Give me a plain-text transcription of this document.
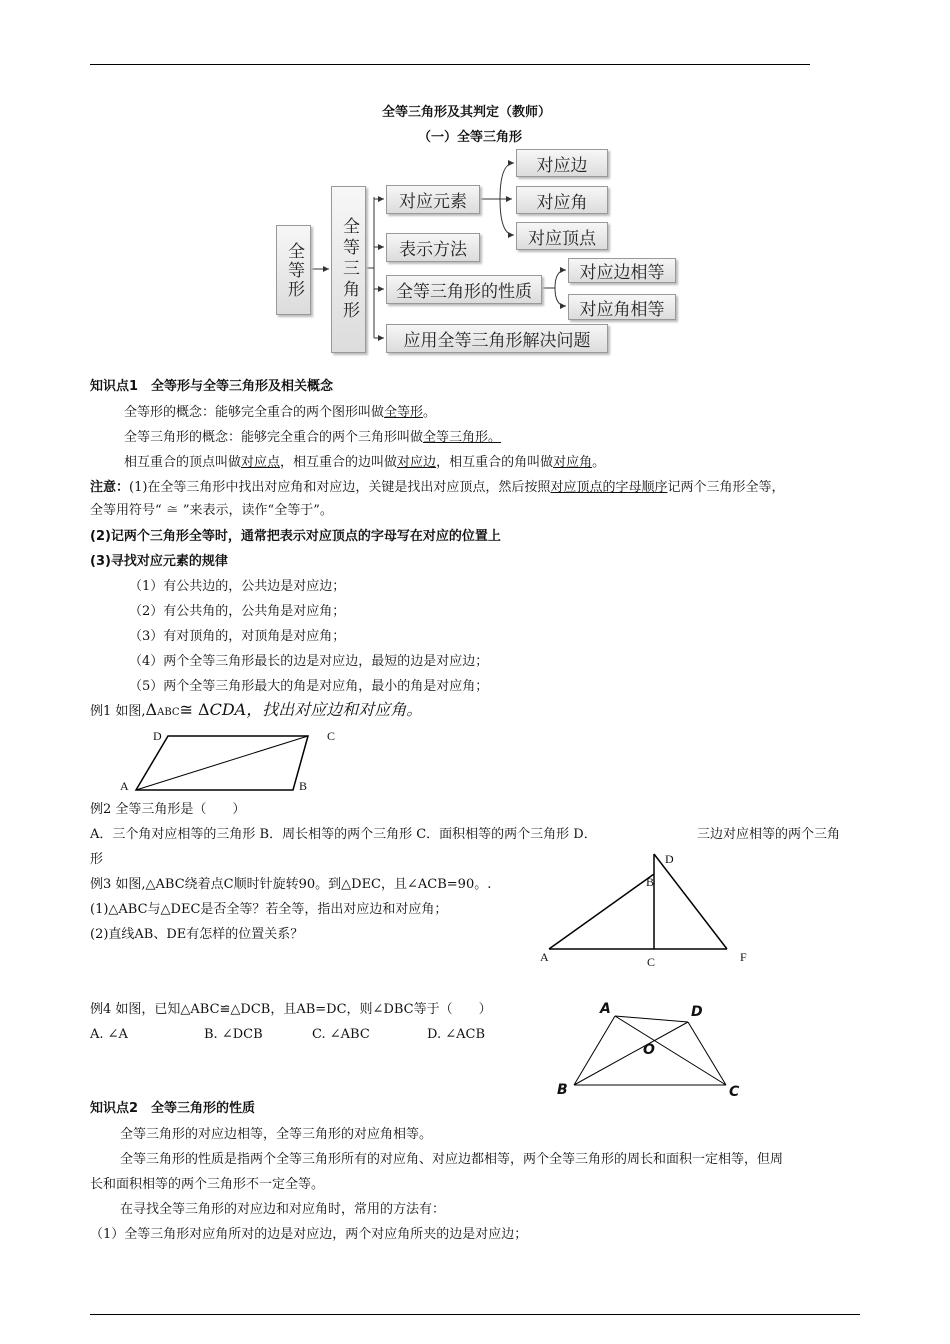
全等三角形及其判定（教师）
（一）全等三角形
全等形 全等三角形
对应元素
表示方法
全等三角形的性质
应用全等三角形解决问题
对应边
对应角
对应顶点
对应边相等
对应角相等
知识点1　全等形与全等三角形及相关概念
全等形的概念：能够完全重合的两个图形叫做全等形。
全等三角形的概念：能够完全重合的两个三角形叫做全等三角形。
相互重合的顶点叫做对应点，相互重合的边叫做对应边，相互重合的角叫做对应角。
注意：(1)在全等三角形中找出对应角和对应边，关键是找出对应顶点，然后按照对应顶点的字母顺序记两个三角形全等，
全等用符号“ ≅ ”来表示，读作“全等于”。
(2)记两个三角形全等时，通常把表示对应顶点的字母写在对应的位置上
(3)寻找对应元素的规律
（1）有公共边的，公共边是对应边；
（2）有公共角的，公共角是对应角；
（3）有对顶角的，对顶角是对应角；
（4）两个全等三角形最长的边是对应边，最短的边是对应边；
（5）两个全等三角形最大的角是对应角，最小的角是对应角；
例1 如图,ΔABC≅ ΔCDA，找出对应边和对应角。
D	C
A	B
例2 全等三角形是（　　）
A．三个角对应相等的三角形 B．周长相等的两个三角形 C．面积相等的两个三角形 D．	三边对应相等的两个三角
形
例3 如图,△ABC绕着点C顺时针旋转90。到△DEC，且∠ACB=90。.
(1)△ABC与△DEC是否全等？若全等，指出对应边和对应角；
(2)直线AB、DE有怎样的位置关系？
D
B
A	C	F
例4 如图，已知△ABC≌△DCB，且AB=DC，则∠DBC等于（　　）
A. ∠A	B. ∠DCB	C. ∠ABC	D. ∠ACB
A	D
O
B	C
知识点2　全等三角形的性质
全等三角形的对应边相等，全等三角形的对应角相等。
全等三角形的性质是指两个全等三角形所有的对应角、对应边都相等，两个全等三角形的周长和面积一定相等，但周
长和面积相等的两个三角形不一定全等。
在寻找全等三角形的对应边和对应角时，常用的方法有：
（1）全等三角形对应角所对的边是对应边，两个对应角所夹的边是对应边；
